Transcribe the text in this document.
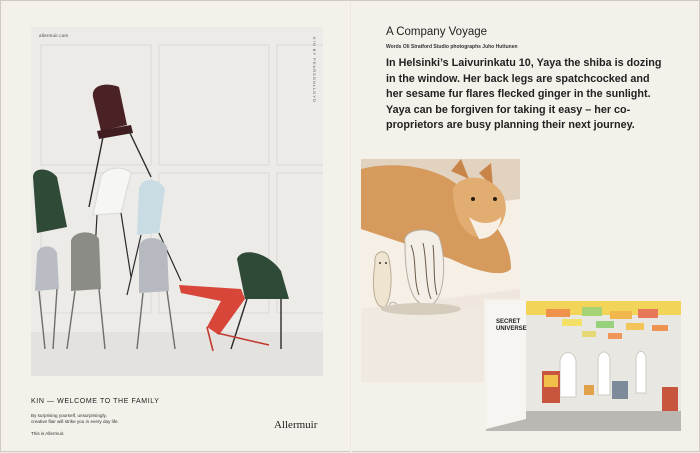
allermuir.com
KIN BY PEARSONLLOYD
KIN — WELCOME TO THE FAMILY
By surprising yourself, unsurprisingly,
creative flair will strike you in every day life.

This is Allermuir.
Allermuir
A Company Voyage
Words Oli Stratford Studio photographs Juho Huttunen
In Helsinki’s Laivurinkatu 10, Yaya the shiba is dozing in the window. Her back legs are spatchcocked and her sesame fur flares flecked ginger in the sunlight. Yaya can be forgiven for taking it easy – her co-proprietors are busy planning their next journey.
SECRET
UNIVERSE
